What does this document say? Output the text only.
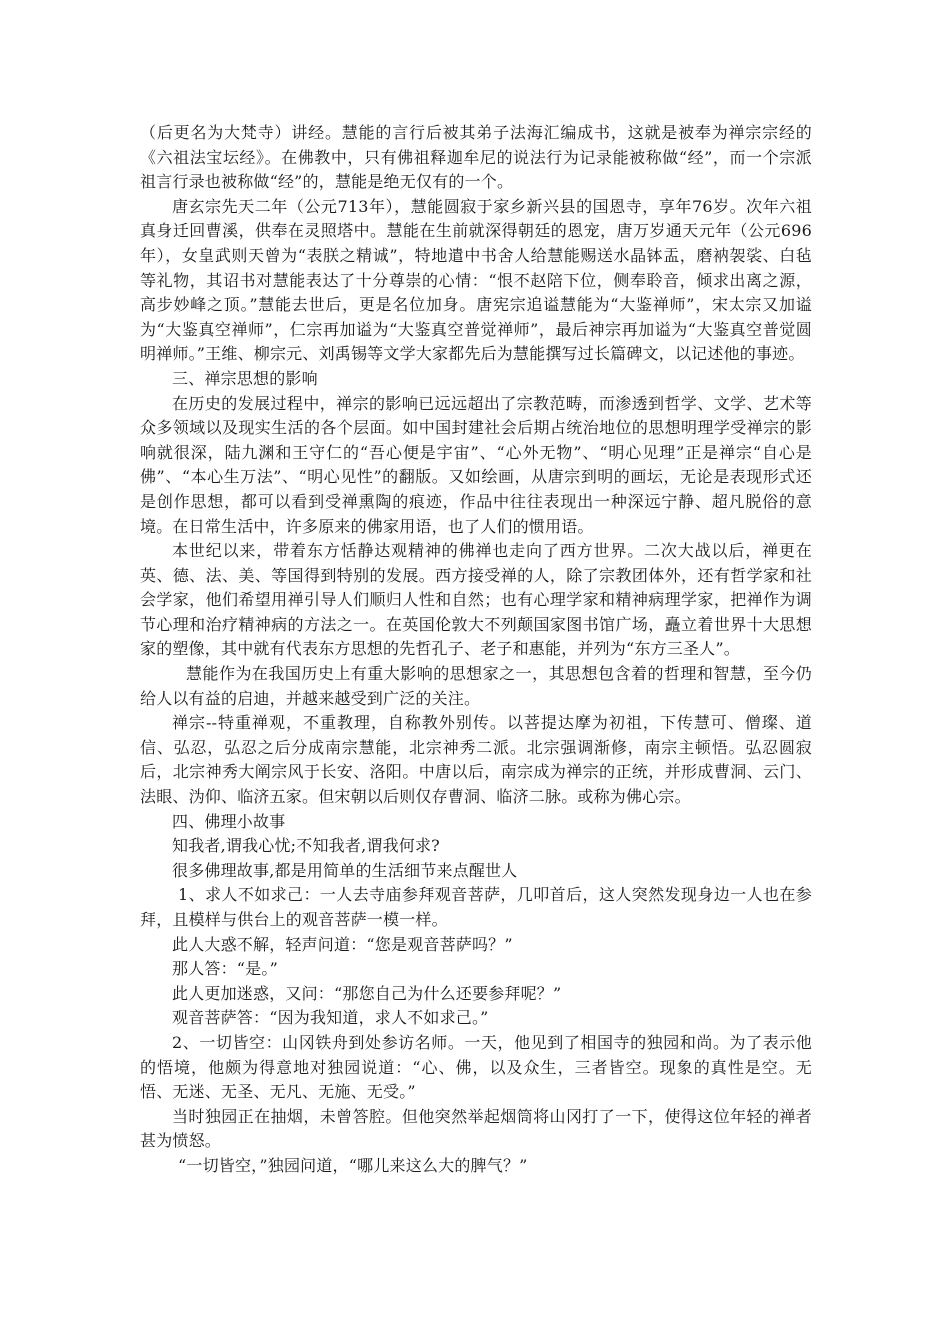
（后更名为大梵寺）讲经。慧能的言行后被其弟子法海汇编成书，这就是被奉为禅宗宗经的《六祖法宝坛经》。在佛教中，只有佛祖释迦牟尼的说法行为记录能被称做“经”，而一个宗派祖言行录也被称做“经”的，慧能是绝无仅有的一个。

唐玄宗先天二年（公元713年），慧能圆寂于家乡新兴县的国恩寺，享年76岁。次年六祖真身迁回曹溪，供奉在灵照塔中。慧能在生前就深得朝廷的恩宠，唐万岁通天元年（公元696年），女皇武则天曾为“表朕之精诚”，特地遣中书舍人给慧能赐送水晶钵盂，磨衲袈裟、白毡等礼物，其诏书对慧能表达了十分尊崇的心情：“恨不赵陪下位，侧奉聆音，倾求出离之源，高步妙峰之顶。”慧能去世后，更是名位加身。唐宪宗追谥慧能为“大鉴禅师”，宋太宗又加谥为“大鉴真空禅师”，仁宗再加谥为“大鉴真空普觉禅师”，最后神宗再加谥为“大鉴真空普觉圆明禅师。”王维、柳宗元、刘禹锡等文学大家都先后为慧能撰写过长篇碑文，以记述他的事迹。

三、禅宗思想的影响

在历史的发展过程中，禅宗的影响已远远超出了宗教范畴，而渗透到哲学、文学、艺术等众多领域以及现实生活的各个层面。如中国封建社会后期占统治地位的思想明理学受禅宗的影响就很深，陆九渊和王守仁的“吾心便是宇宙”、“心外无物”、“明心见理”正是禅宗“自心是佛”、“本心生万法”、“明心见性”的翻版。又如绘画，从唐宗到明的画坛，无论是表现形式还是创作思想，都可以看到受禅熏陶的痕迹，作品中往往表现出一种深远宁静、超凡脱俗的意境。在日常生活中，许多原来的佛家用语，也了人们的惯用语。

本世纪以来，带着东方恬静达观精神的佛禅也走向了西方世界。二次大战以后，禅更在英、德、法、美、等国得到特别的发展。西方接受禅的人，除了宗教团体外，还有哲学家和社会学家，他们希望用禅引导人们顺归人性和自然；也有心理学家和精神病理学家，把禅作为调节心理和治疗精神病的方法之一。在英国伦敦大不列颠国家图书馆广场，矗立着世界十大思想家的塑像，其中就有代表东方思想的先哲孔子、老子和惠能，并列为“东方三圣人”。

慧能作为在我国历史上有重大影响的思想家之一，其思想包含着的哲理和智慧，至今仍给人以有益的启迪，并越来越受到广泛的关注。

禅宗--特重禅观，不重教理，自称教外别传。以菩提达摩为初祖，下传慧可、僧璨、道信、弘忍，弘忍之后分成南宗慧能，北宗神秀二派。北宗强调渐修，南宗主顿悟。弘忍圆寂后，北宗神秀大阐宗风于长安、洛阳。中唐以后，南宗成为禅宗的正统，并形成曹洞、云门、法眼、沩仰、临济五家。但宋朝以后则仅存曹洞、临济二脉。或称为佛心宗。

四、佛理小故事

知我者,谓我心忧;不知我者,谓我何求?

很多佛理故事,都是用简单的生活细节来点醒世人

1、求人不如求己：一人去寺庙参拜观音菩萨，几叩首后，这人突然发现身边一人也在参拜，且模样与供台上的观音菩萨一模一样。

此人大惑不解，轻声问道：“您是观音菩萨吗？”

那人答：“是。”

此人更加迷惑，又问：“那您自己为什么还要参拜呢？”

观音菩萨答：“因为我知道，求人不如求己。”

2、一切皆空：山冈铁舟到处参访名师。一天，他见到了相国寺的独园和尚。为了表示他的悟境，他颇为得意地对独园说道：“心、佛，以及众生，三者皆空。现象的真性是空。无悟、无迷、无圣、无凡、无施、无受。”

当时独园正在抽烟，未曾答腔。但他突然举起烟筒将山冈打了一下，使得这位年轻的禅者甚为愤怒。

“一切皆空，”独园问道，“哪儿来这么大的脾气？”
